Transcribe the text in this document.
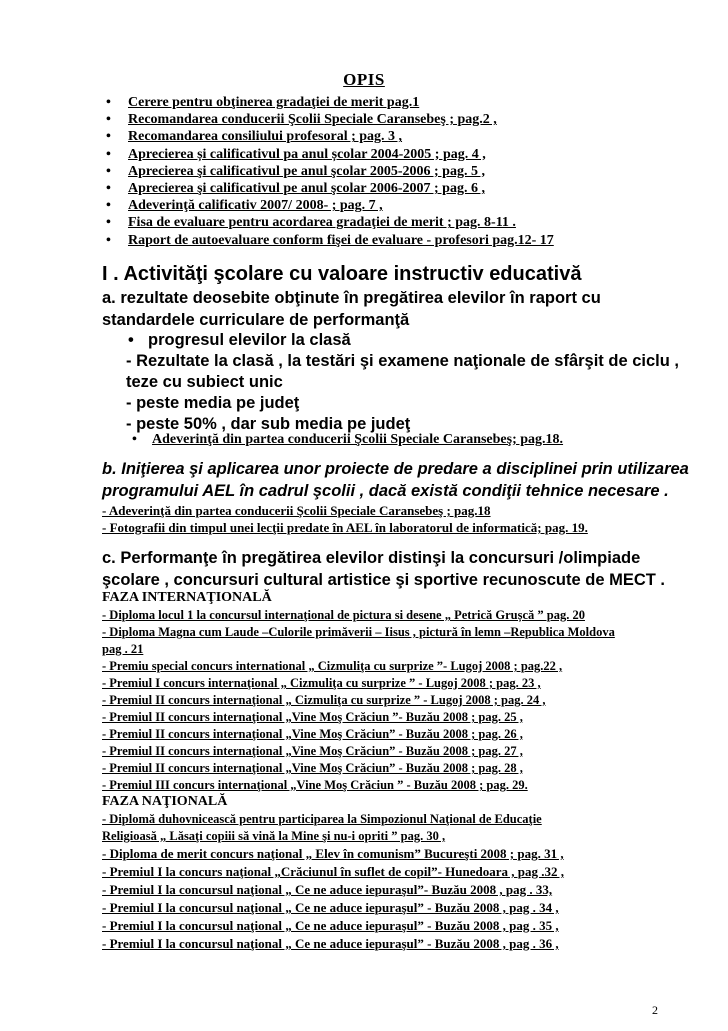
OPIS
• Cerere pentru obţinerea gradaţiei de merit pag.1
• Recomandarea conducerii Şcolii Speciale Caransebeş ; pag.2 ,
• Recomandarea consiliului profesoral ; pag. 3 ,
• Aprecierea și calificativul pa anul școlar 2004-2005 ; pag. 4 ,
• Aprecierea şi calificativul pe anul şcolar 2005-2006 ; pag. 5 ,
• Aprecierea şi calificativul pe anul şcolar 2006-2007 ; pag. 6 ,
• Adeverinţă calificativ 2007/ 2008- ; pag. 7 ,
• Fisa de evaluare pentru acordarea gradaţiei de merit ; pag. 8-11 .
• Raport de autoevaluare conform fişei de evaluare - profesori pag.12- 17
I . Activităţi şcolare cu valoare instructiv educativă
a. rezultate deosebite obţinute în pregătirea elevilor în raport cu
standardele curriculare de performanţă
• progresul elevilor la clasă
- Rezultate la clasă , la testări şi examene naţionale de sfârşit de ciclu ,
teze cu subiect unic
- peste media pe judeţ
- peste 50% , dar sub media pe judeţ
• Adeverinţă din partea conducerii Şcolii Speciale Caransebeş; pag.18.
b. Iniţierea şi aplicarea unor proiecte de predare a disciplinei prin utilizarea
programului AEL în cadrul şcolii , dacă există condiţii tehnice necesare .
- Adeverinţă din partea conducerii Şcolii Speciale Caransebeş ; pag.18
- Fotografii din timpul unei lecţii predate în AEL în laboratorul de informatică; pag. 19.
c. Performanţe în pregătirea elevilor distinşi la concursuri /olimpiade
şcolare , concursuri cultural artistice şi sportive recunoscute de MECT .
FAZA INTERNAŢIONALĂ
- Diploma locul 1 la concursul internaţional de pictura si desene „ Petrică Grușcă ” pag. 20
- Diploma Magna cum Laude –Culorile primăverii – Iisus , pictură în lemn –Republica Moldova
pag . 21
- Premiu special concurs international „ Cizmuliţa cu surprize ”- Lugoj 2008 ; pag.22 ,
- Premiul I concurs internaţional „ Cizmuliţa cu surprize ” - Lugoj 2008 ; pag. 23 ,
- Premiul II concurs internaţional „ Cizmuliţa cu surprize ” - Lugoj 2008 ; pag. 24 ,
- Premiul II concurs internaţional „Vine Moş Crăciun ”- Buzău 2008 ; pag. 25 ,
- Premiul II concurs internaţional „Vine Moş Crăciun” - Buzău 2008 ; pag. 26 ,
- Premiul II concurs internaţional „Vine Moş Crăciun” - Buzău 2008 ; pag. 27 ,
- Premiul II concurs internaţional „Vine Moş Crăciun” - Buzău 2008 ; pag. 28 ,
- Premiul III concurs internaţional „Vine Moş Crăciun ” - Buzău 2008 ; pag. 29.
FAZA NAŢIONALĂ
- Diplomă duhovnicească pentru participarea la Simpozionul Naţional de Educaţie
Religioasă „ Lăsaţi copiii să vină la Mine şi nu-i opriti ” pag. 30 ,
- Diploma de merit concurs naţional „ Elev în comunism” Bucureşti 2008 ; pag. 31 ,
- Premiul I la concurs naţional „Crăciunul în suflet de copil”- Hunedoara , pag .32 ,
- Premiul I la concursul naţional „ Ce ne aduce iepuraşul”- Buzău 2008 , pag . 33,
- Premiul I la concursul naţional „ Ce ne aduce iepuraşul” - Buzău 2008 , pag . 34 ,
- Premiul I la concursul naţional „ Ce ne aduce iepuraşul” - Buzău 2008 , pag . 35 ,
- Premiul I la concursul naţional „ Ce ne aduce iepuraşul” - Buzău 2008 , pag . 36 ,
2
